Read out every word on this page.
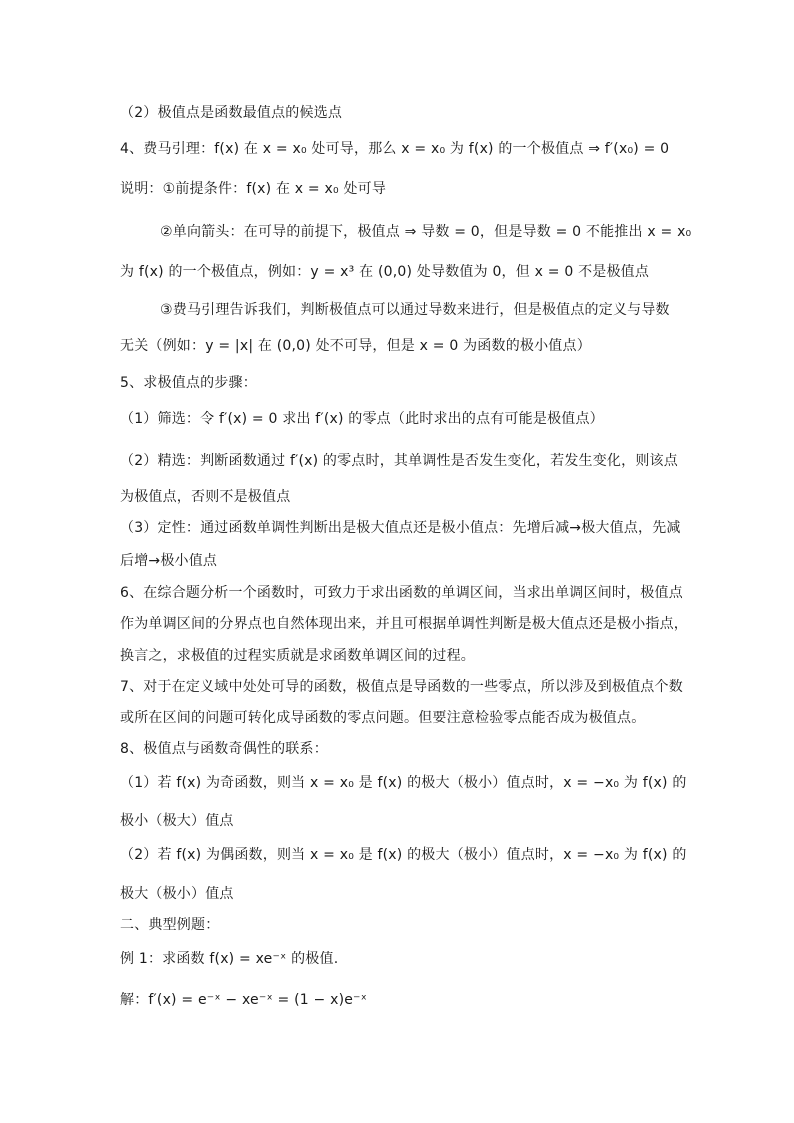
（2）极值点是函数最值点的候选点
4、费马引理：f(x) 在 x = x₀ 处可导，那么 x = x₀ 为 f(x) 的一个极值点 ⇒ f′(x₀) = 0
说明：①前提条件：f(x) 在 x = x₀ 处可导
②单向箭头：在可导的前提下，极值点 ⇒ 导数 = 0，但是导数 = 0 不能推出 x = x₀
为 f(x) 的一个极值点，例如：y = x³ 在 (0,0) 处导数值为 0，但 x = 0 不是极值点
③费马引理告诉我们，判断极值点可以通过导数来进行，但是极值点的定义与导数
无关（例如：y = |x| 在 (0,0) 处不可导，但是 x = 0 为函数的极小值点）
5、求极值点的步骤：
（1）筛选：令 f′(x) = 0 求出 f′(x) 的零点（此时求出的点有可能是极值点）
（2）精选：判断函数通过 f′(x) 的零点时，其单调性是否发生变化，若发生变化，则该点
为极值点，否则不是极值点
（3）定性：通过函数单调性判断出是极大值点还是极小值点：先增后减→极大值点，先减
后增→极小值点
6、在综合题分析一个函数时，可致力于求出函数的单调区间，当求出单调区间时，极值点
作为单调区间的分界点也自然体现出来，并且可根据单调性判断是极大值点还是极小指点，
换言之，求极值的过程实质就是求函数单调区间的过程。
7、对于在定义域中处处可导的函数，极值点是导函数的一些零点，所以涉及到极值点个数
或所在区间的问题可转化成导函数的零点问题。但要注意检验零点能否成为极值点。
8、极值点与函数奇偶性的联系：
（1）若 f(x) 为奇函数，则当 x = x₀ 是 f(x) 的极大（极小）值点时，x = −x₀ 为 f(x) 的
极小（极大）值点
（2）若 f(x) 为偶函数，则当 x = x₀ 是 f(x) 的极大（极小）值点时，x = −x₀ 为 f(x) 的
极大（极小）值点
二、典型例题：
例 1：求函数 f(x) = xe⁻ˣ 的极值.
解：f′(x) = e⁻ˣ − xe⁻ˣ = (1 − x)e⁻ˣ
